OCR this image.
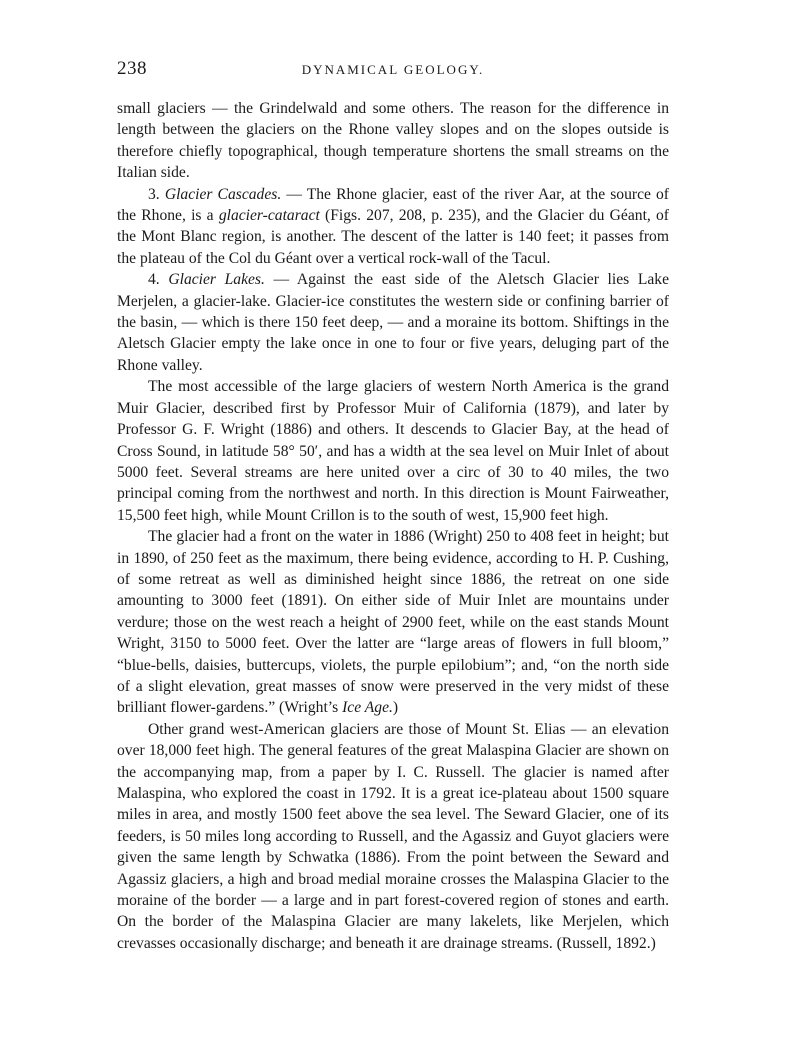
238	DYNAMICAL GEOLOGY.

small glaciers — the Grindelwald and some others. The reason for the difference in length between the glaciers on the Rhone valley slopes and on the slopes outside is therefore chiefly topographical, though temperature shortens the small streams on the Italian side.

3. Glacier Cascades. — The Rhone glacier, east of the river Aar, at the source of the Rhone, is a glacier-cataract (Figs. 207, 208, p. 235), and the Glacier du Géant, of the Mont Blanc region, is another. The descent of the latter is 140 feet; it passes from the plateau of the Col du Géant over a vertical rock-wall of the Tacul.

4. Glacier Lakes. — Against the east side of the Aletsch Glacier lies Lake Merjelen, a glacier-lake. Glacier-ice constitutes the western side or confining barrier of the basin, — which is there 150 feet deep, — and a moraine its bottom. Shiftings in the Aletsch Glacier empty the lake once in one to four or five years, deluging part of the Rhone valley.

The most accessible of the large glaciers of western North America is the grand Muir Glacier, described first by Professor Muir of California (1879), and later by Professor G. F. Wright (1886) and others. It descends to Glacier Bay, at the head of Cross Sound, in latitude 58° 50′, and has a width at the sea level on Muir Inlet of about 5000 feet. Several streams are here united over a circ of 30 to 40 miles, the two principal coming from the northwest and north. In this direction is Mount Fairweather, 15,500 feet high, while Mount Crillon is to the south of west, 15,900 feet high.

The glacier had a front on the water in 1886 (Wright) 250 to 408 feet in height; but in 1890, of 250 feet as the maximum, there being evidence, according to H. P. Cushing, of some retreat as well as diminished height since 1886, the retreat on one side amounting to 3000 feet (1891). On either side of Muir Inlet are mountains under verdure; those on the west reach a height of 2900 feet, while on the east stands Mount Wright, 3150 to 5000 feet. Over the latter are “large areas of flowers in full bloom,” “blue-bells, daisies, buttercups, violets, the purple epilobium”; and, “on the north side of a slight elevation, great masses of snow were preserved in the very midst of these brilliant flower-gardens.” (Wright’s Ice Age.)

Other grand west-American glaciers are those of Mount St. Elias — an elevation over 18,000 feet high. The general features of the great Malaspina Glacier are shown on the accompanying map, from a paper by I. C. Russell. The glacier is named after Malaspina, who explored the coast in 1792. It is a great ice-plateau about 1500 square miles in area, and mostly 1500 feet above the sea level. The Seward Glacier, one of its feeders, is 50 miles long according to Russell, and the Agassiz and Guyot glaciers were given the same length by Schwatka (1886). From the point between the Seward and Agassiz glaciers, a high and broad medial moraine crosses the Malaspina Glacier to the moraine of the border — a large and in part forest-covered region of stones and earth. On the border of the Malaspina Glacier are many lakelets, like Merjelen, which crevasses occasionally discharge; and beneath it are drainage streams. (Russell, 1892.)
